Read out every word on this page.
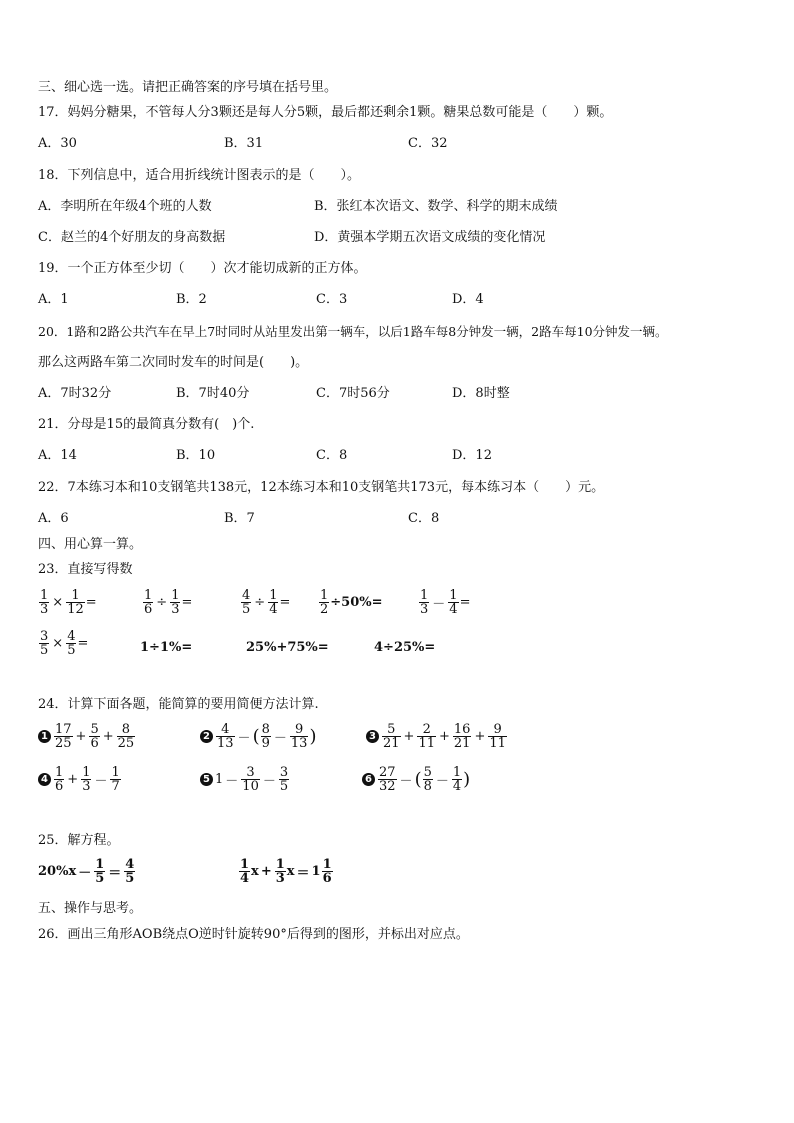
三、细心选一选。请把正确答案的序号填在括号里。
17．妈妈分糖果，不管每人分3颗还是每人分5颗，最后都还剩余1颗。糖果总数可能是（　　）颗。
A．30	B．31	C．32
18．下列信息中，适合用折线统计图表示的是（　　）。
A．李明所在年级4个班的人数	B．张红本次语文、数学、科学的期末成绩
C．赵兰的4个好朋友的身高数据	D．黄强本学期五次语文成绩的变化情况
19．一个正方体至少切（　　）次才能切成新的正方体。
A．1	B．2	C．3	D．4
20．1路和2路公共汽车在早上7时同时从站里发出第一辆车，以后1路车每8分钟发一辆，2路车每10分钟发一辆。
那么这两路车第二次同时发车的时间是(　　)。
A．7时32分	B．7时40分	C．7时56分	D．8时整
21．分母是15的最简真分数有(　)个.
A．14	B．10	C．8	D．12
22．7本练习本和10支钢笔共138元，12本练习本和10支钢笔共173元，每本练习本（　　）元。
A．6	B．7	C．8
四、用心算一算。
23．直接写得数
$\frac{1}{3} \times \frac{1}{12}$ =	$\frac{1}{6} \div \frac{1}{3}$ =	$\frac{4}{5} \div \frac{1}{4} = \frac{1}{2} \div 50\%=$	$\frac{1}{3} - \frac{1}{4}$ =
$\frac{3}{5} \times \frac{4}{5}$ =	1÷1%=	25%+75%=	4÷25%=
24．计算下面各题，能简算的要用简便方法计算.
$1 \frac{17}{25} + \frac{5}{6} + \frac{8}{25}$	$2 \frac{4}{13}$ － ( $\frac{8}{9} - \frac{9}{13}$ )	$3 \frac{5}{21} + \frac{2}{11} + \frac{16}{21} + \frac{9}{11}$
$4 \frac{1}{6} + \frac{1}{3} - \frac{1}{7}$	5 $1 - \frac{3}{10} - \frac{3}{5}$	$6 \frac{27}{32}$ － ( $\frac{5}{8} - \frac{1}{4}$ )
25．解方程。
$20\%x - \frac{1}{5} = \frac{4}{5}$	$\frac{1}{4}$ $x + \frac{1}{3}$ $x = 1 \frac{1}{6}$
五、操作与思考。
26．画出三角形AOB绕点O逆时针旋转90°后得到的图形，并标出对应点。
